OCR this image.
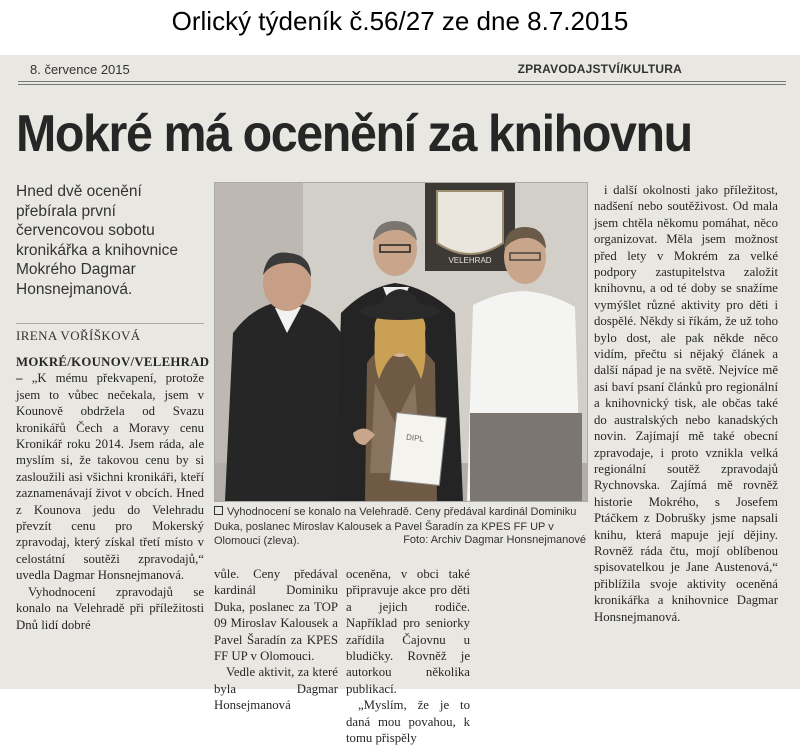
Orlický týdeník č.56/27 ze dne 8.7.2015
8. července 2015	ZPRAVODAJSTVÍ/KULTURA
Mokré má ocenění za knihovnu
Hned dvě ocenění přebírala první červencovou sobotu kronikářka a knihovnice Mokrého Dagmar Honsnejmanová.
IRENA VOŘÍŠKOVÁ

MOKRÉ/KOUNOV/VELEHRAD – „K mému překvapení, protože jsem to vůbec nečekala, jsem v Kounově obdržela od Svazu kronikářů Čech a Moravy cenu Kronikář roku 2014. Jsem ráda, ale myslím si, že takovou cenu by si zasloužili asi všichni kronikáři, kteří zaznamenávají život v obcích. Hned z Kounova jedu do Velehradu převzít cenu pro Mokerský zpravodaj, který získal třetí místo v celostátní soutěži zpravodajů,“ uvedla Dagmar Honsnejmanová.

Vyhodnocení zpravodajů se konalo na Velehradě při příležitosti Dnů lidí dobré

VELEHRAD
DIPL
Vyhodnocení se konalo na Velehradě. Ceny předával kardinál Dominiku Duka, poslanec Miroslav Kalousek a Pavel Šaradín za KPES FF UP v Olomouci (zleva).	Foto: Archiv Dagmar Honsnejmanové

vůle. Ceny předával kardinál Dominiku Duka, poslanec za TOP 09 Miroslav Kalousek a Pavel Šaradín za KPES FF UP v Olomouci.

Vedle aktivit, za které byla Dagmar Honsejmanová

oceněna, v obci také připravuje akce pro děti a jejich rodiče. Například pro seniorky zařídila Čajovnu u bludičky. Rovněž je autorkou několika publikací.

„Myslím, že je to daná mou povahou, k tomu přispěly

i další okolnosti jako příležitost, nadšení nebo soutěživost. Od mala jsem chtěla někomu pomáhat, něco organizovat. Měla jsem možnost před lety v Mokrém za velké podpory zastupitelstva založit knihovnu, a od té doby se snažíme vymýšlet různé aktivity pro děti i dospělé. Někdy si říkám, že už toho bylo dost, ale pak někde něco vidím, přečtu si nějaký článek a další nápad je na světě. Nejvíce mě asi baví psaní článků pro regionální a knihovnický tisk, ale občas také do australských nebo kanadských novin. Zajímají mě také obecní zpravodaje, i proto vznikla velká regionální soutěž zpravodajů Rychnovska. Zajímá mě rovněž historie Mokrého, s Josefem Ptáčkem z Dobrušky jsme napsali knihu, která mapuje její dějiny. Rovněž ráda čtu, mojí oblíbenou spisovatelkou je Jane Austenová,“ přiblížila svoje aktivity oceněná kronikářka a knihovnice Dagmar Honsnejmanová.
